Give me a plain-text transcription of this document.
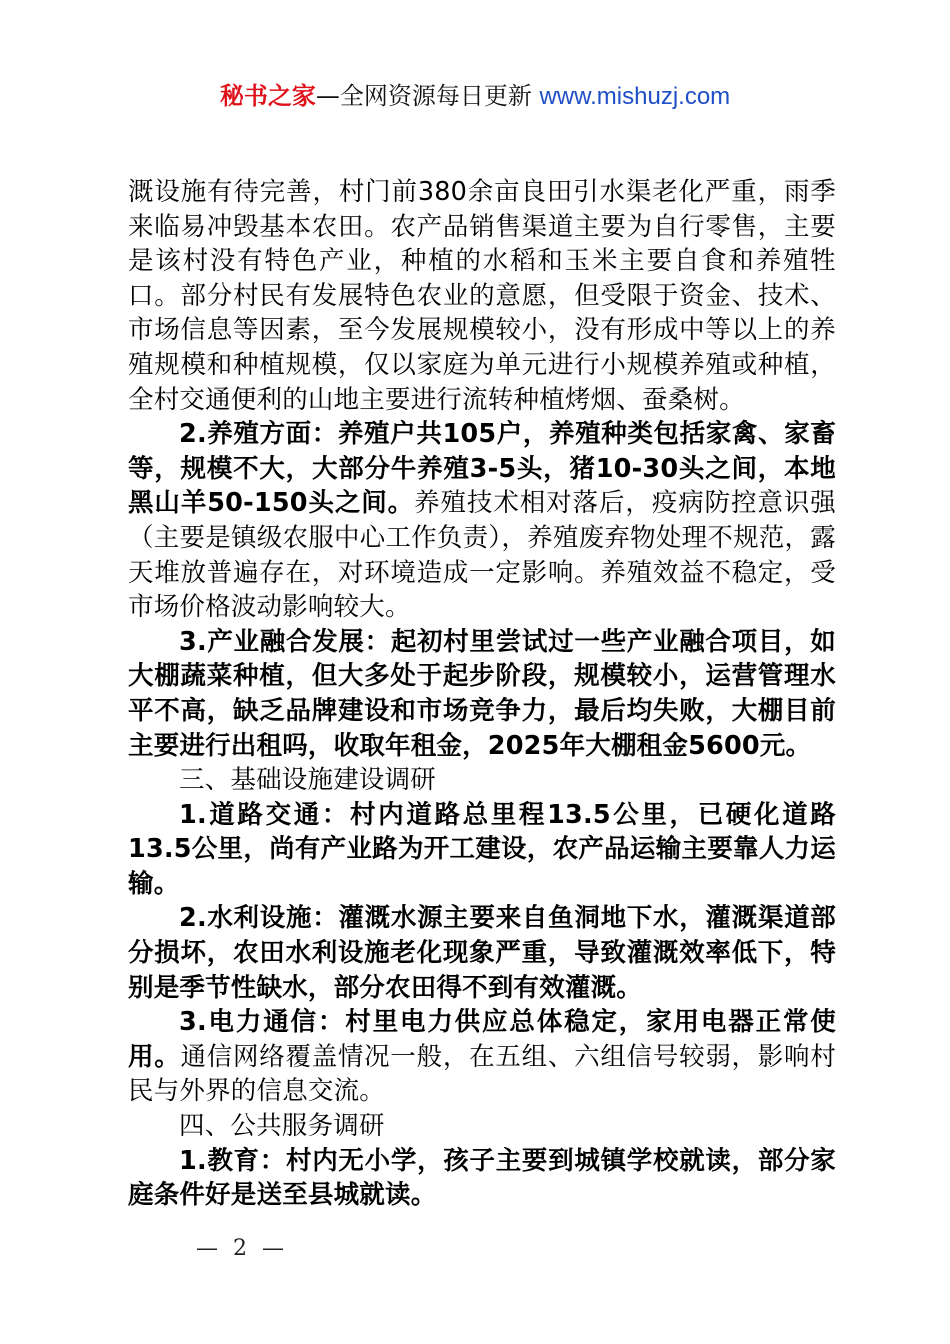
秘书之家—全网资源每日更新 www.mishuzj.com

溉设施有待完善，村门前380余亩良田引水渠老化严重，雨季来临易冲毁基本农田。农产品销售渠道主要为自行零售，主要是该村没有特色产业，种植的水稻和玉米主要自食和养殖牲口。部分村民有发展特色农业的意愿，但受限于资金、技术、市场信息等因素，至今发展规模较小，没有形成中等以上的养殖规模和种植规模，仅以家庭为单元进行小规模养殖或种植，全村交通便利的山地主要进行流转种植烤烟、蚕桑树。

2.养殖方面：养殖户共105户，养殖种类包括家禽、家畜等，规模不大，大部分牛养殖3-5头，猪10-30头之间，本地黑山羊50-150头之间。养殖技术相对落后，疫病防控意识强（主要是镇级农服中心工作负责），养殖废弃物处理不规范，露天堆放普遍存在，对环境造成一定影响。养殖效益不稳定，受市场价格波动影响较大。

3.产业融合发展：起初村里尝试过一些产业融合项目，如大棚蔬菜种植，但大多处于起步阶段，规模较小，运营管理水平不高，缺乏品牌建设和市场竞争力，最后均失败，大棚目前主要进行出租吗，收取年租金，2025年大棚租金5600元。

三、基础设施建设调研

1.道路交通：村内道路总里程13.5公里，已硬化道路13.5公里，尚有产业路为开工建设，农产品运输主要靠人力运输。

2.水利设施：灌溉水源主要来自鱼洞地下水，灌溉渠道部分损坏，农田水利设施老化现象严重，导致灌溉效率低下，特别是季节性缺水，部分农田得不到有效灌溉。

3.电力通信：村里电力供应总体稳定，家用电器正常使用。通信网络覆盖情况一般，在五组、六组信号较弱，影响村民与外界的信息交流。

四、公共服务调研

1.教育：村内无小学，孩子主要到城镇学校就读，部分家庭条件好是送至县城就读。

— 2 —
